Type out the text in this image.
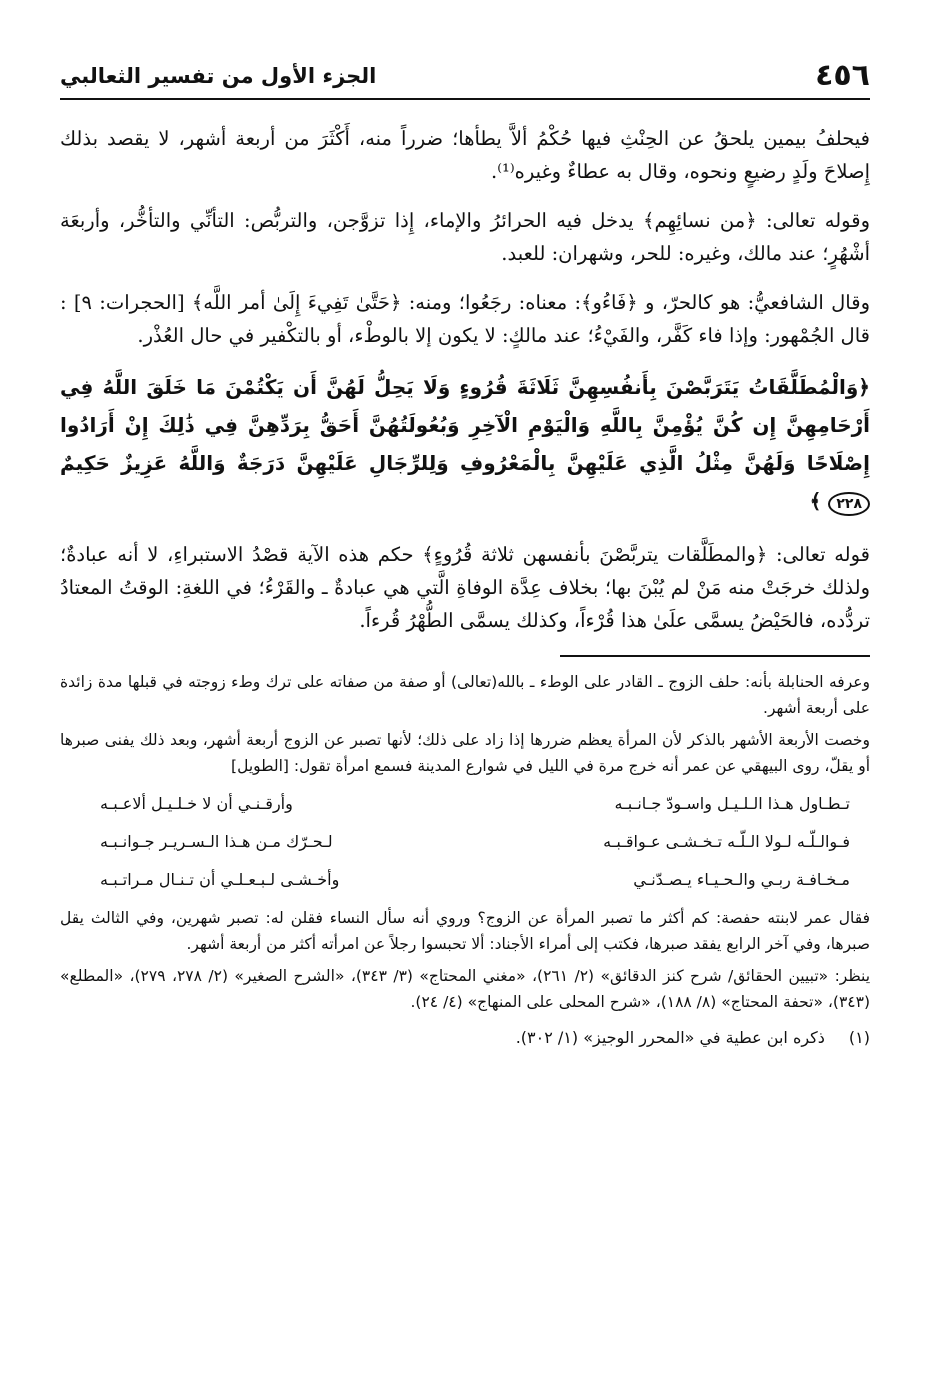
٤٥٦
الجزء الأول من تفسير الثعالبي

فيحلفُ بيمين يلحقُ عن الحِنْثِ فيها حُكْمُ ألاَّ يطأها؛ ضرراً منه، أَكْثَرَ من أربعة أشهر، لا يقصد بذلك إِصلاحَ ولَدٍ رضيعٍ ونحوه، وقال به عطاءٌ وغيره⁽¹⁾.

وقوله تعالى: ﴿من نسائِهِم﴾ يدخل فيه الحرائرُ والإماء، إِذا تزوَّجن، والتربُّص: التأنِّي والتأخُّر، وأربعَة أشْهُرٍ؛ عند مالك، وغيره: للحر، وشهران: للعبد.

وقال الشافعيُّ: هو كالحرّ، و ﴿فَاءُو﴾: معناه: رجَعُوا؛ ومنه: ﴿حَتَّىٰ تَفِيءَ إِلَىٰ أمر اللَّه﴾ [الحجرات: ٩] : قال الجُمْهور: وإذا فاء كَفَّر، والفَيْءُ؛ عند مالكٍ: لا يكون إلا بالوطْء، أو بالتكْفير في حال العُذْر.

﴿وَالْمُطَلَّقَاتُ يَتَرَبَّصْنَ بِأَنفُسِهِنَّ ثَلَاثَةَ قُرُوءٍ وَلَا يَحِلُّ لَهُنَّ أَن يَكْتُمْنَ مَا خَلَقَ اللَّهُ فِي أَرْحَامِهِنَّ إِن كُنَّ يُؤْمِنَّ بِاللَّهِ وَالْيَوْمِ الْآخِرِ وَبُعُولَتُهُنَّ أَحَقُّ بِرَدِّهِنَّ فِي ذَٰلِكَ إِنْ أَرَادُوا إِصْلَاحًا وَلَهُنَّ مِثْلُ الَّذِي عَلَيْهِنَّ بِالْمَعْرُوفِ وَلِلرِّجَالِ عَلَيْهِنَّ دَرَجَةٌ وَاللَّهُ عَزِيزٌ حَكِيمٌ ٢٢٨ ﴾

قوله تعالى: ﴿والمطَلَّقات يتربَّصْنَ بأنفسهن ثلاثة قُرُوءٍ﴾ حكم هذه الآية قصْدُ الاستبراءِ، لا أنه عبادةٌ؛ ولذلك خرجَتْ منه مَنْ لم يُبْنَ بها؛ بخلاف عِدَّة الوفاةِ الَّتي هي عبادةٌ ـ والقَرْءُ؛ في اللغةِ: الوقتُ المعتادُ تردُّده، فالحَيْضُ يسمَّى علَىٰ هذا قُرْءاً، وكذلك يسمَّى الطُّهْرُ قُرءاً.

وعرفه الحنابلة بأنه: حلف الزوج ـ القادر على الوطء ـ بالله(تعالى) أو صفة من صفاته على ترك وطء زوجته في قبلها مدة زائدة على أربعة أشهر.

وخصت الأربعة الأشهر بالذكر لأن المرأة يعظم ضررها إذا زاد على ذلك؛ لأنها تصبر عن الزوج أربعة أشهر، وبعد ذلك يفنى صبرها أو يقلّ، روى البيهقي عن عمر أنه خرج مرة في الليل في شوارع المدينة فسمع امرأة تقول: [الطويل]

تـطـاول هـذا الـلـيـل واسـودّ جـانـبـه
وأرقـنـي أن لا خـلـيـل ألاعـبـه
فـوالـلّـه لـولا الـلّـه تـخـشـى عـواقـبـه
لـحـرّك مـن هـذا الـسـريـر جـوانـبـه
مـخـافـة ربـي والـحـيـاء يـصـدّنـي
وأخـشـى لـبـعـلـي أن تـنـال مـراتـبـه

فقال عمر لابنته حفصة: كم أكثر ما تصبر المرأة عن الزوج؟ وروي أنه سأل النساء فقلن له: تصبر شهرين، وفي الثالث يقل صبرها، وفي آخر الرابع يفقد صبرها، فكتب إلى أمراء الأجناد: ألا تحبسوا رجلاً عن امرأته أكثر من أربعة أشهر.

ينظر: «تبيين الحقائق/ شرح كنز الدقائق» (٢/ ٢٦١)، «مغني المحتاج» (٣/ ٣٤٣)، «الشرح الصغير» (٢/ ٢٧٨، ٢٧٩)، «المطلع» (٣٤٣)، «تحفة المحتاج» (٨/ ١٨٨)، «شرح المحلى على المنهاج» (٤/ ٢٤).

(١)
ذكره ابن عطية في «المحرر الوجيز» (١/ ٣٠٢).
